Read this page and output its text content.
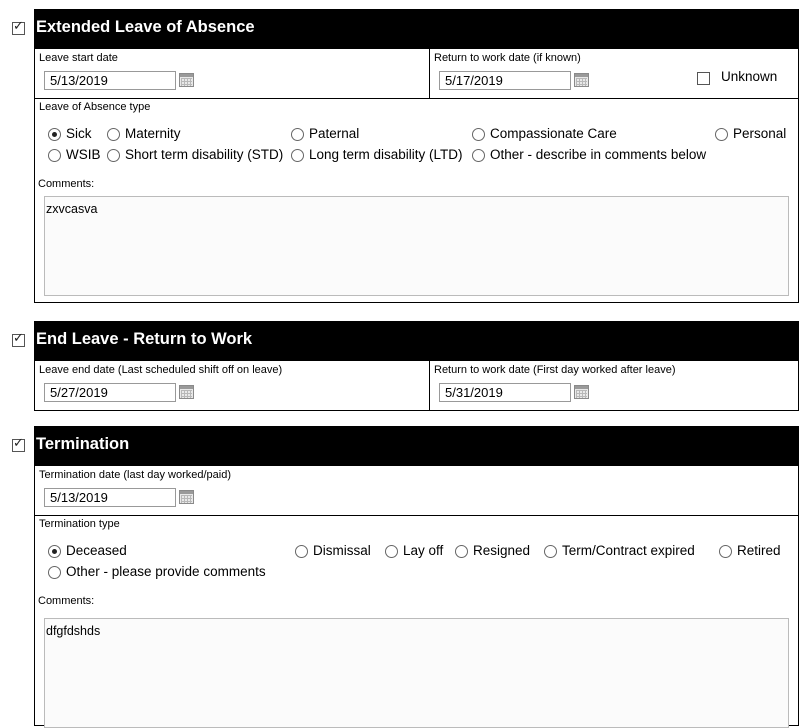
✓ Extended Leave of Absence
Leave start date
5/13/2019
Return to work date (if known)
5/17/2019	Unknown
Leave of Absence type
Sick Maternity	Paternal	Compassionate Care	Personal
WSIB Short term disability (STD) Long term disability (LTD) Other - describe in comments below
Comments:
zxvcasva
✓ End Leave - Return to Work
Leave end date (Last scheduled shift off on leave)
5/27/2019
Return to work date (First day worked after leave)
5/31/2019
✓ Termination
Termination date (last day worked/paid)
5/13/2019
Termination type
Deceased	Dismissal Lay off Resigned Term/Contract expired	Retired
Other - please provide comments
Comments:
dfgfdshds
